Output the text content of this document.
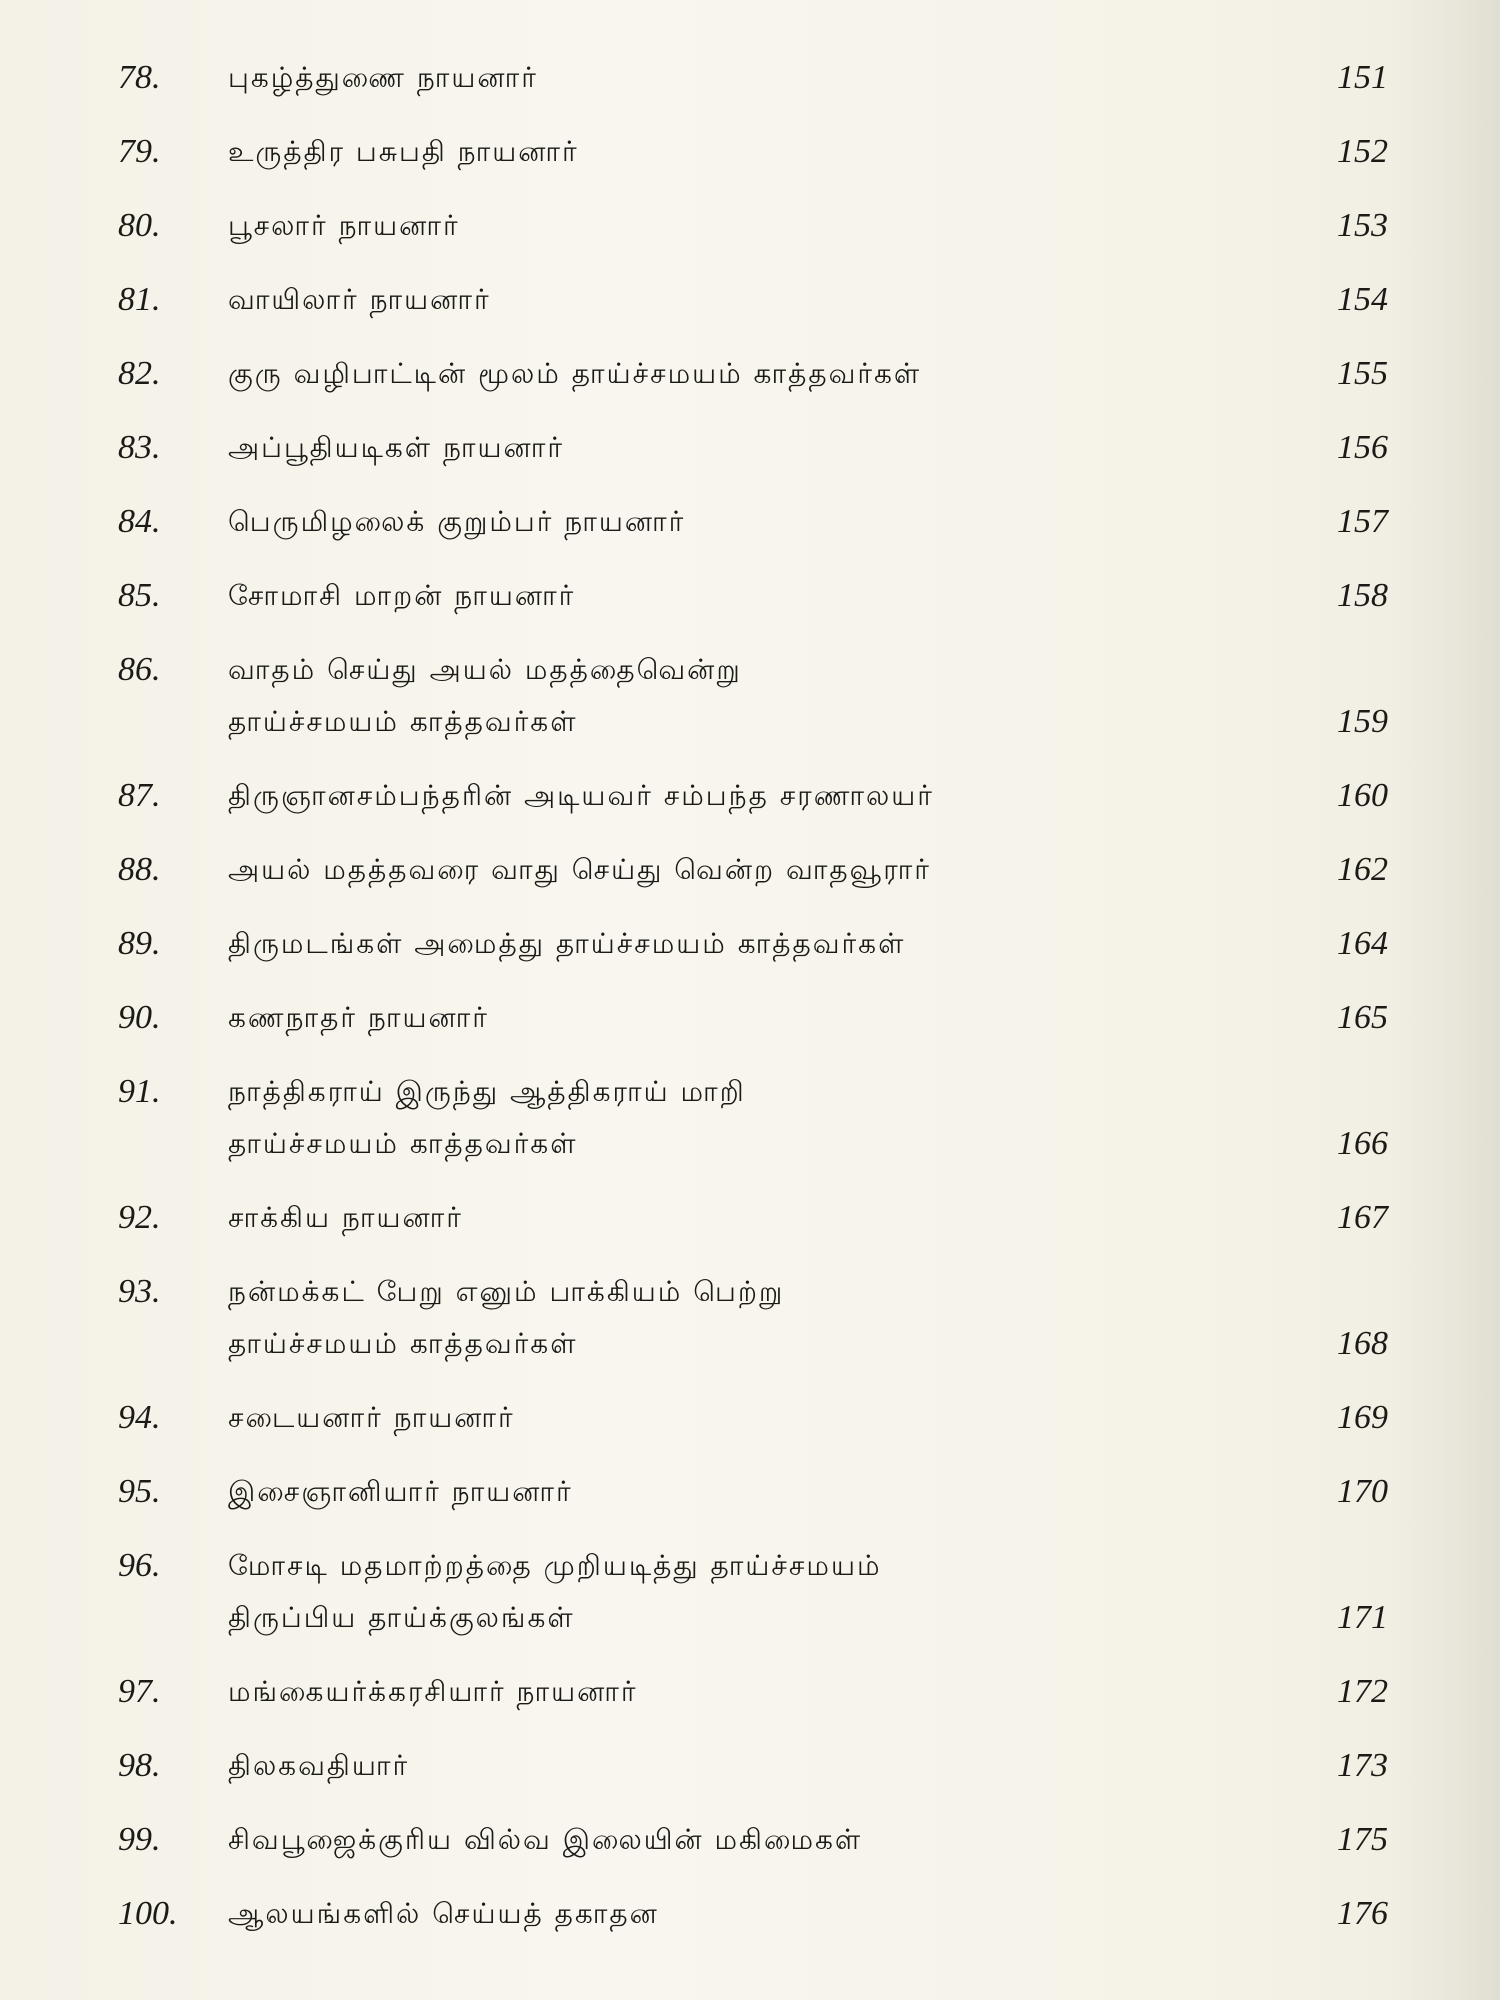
78.	புகழ்த்துணை நாயனார்	151
79.	உருத்திர பசுபதி நாயனார்	152
80.	பூசலார் நாயனார்	153
81.	வாயிலார் நாயனார்	154
82.	குரு வழிபாட்டின் மூலம் தாய்ச்சமயம் காத்தவர்கள்	155
83.	அப்பூதியடிகள் நாயனார்	156
84.	பெருமிழலைக் குறும்பர் நாயனார்	157
85.	சோமாசி மாறன் நாயனார்	158
86.	வாதம் செய்து அயல் மதத்தைவென்று
தாய்ச்சமயம் காத்தவர்கள்	159
87.	திருஞானசம்பந்தரின் அடியவர் சம்பந்த சரணாலயர்	160
88.	அயல் மதத்தவரை வாது செய்து வென்ற வாதவூரார்	162
89.	திருமடங்கள் அமைத்து தாய்ச்சமயம் காத்தவர்கள்	164
90.	கணநாதர் நாயனார்	165
91.	நாத்திகராய் இருந்து ஆத்திகராய் மாறி
தாய்ச்சமயம் காத்தவர்கள்	166
92.	சாக்கிய நாயனார்	167
93.	நன்மக்கட் பேறு எனும் பாக்கியம் பெற்று
தாய்ச்சமயம் காத்தவர்கள்	168
94.	சடையனார் நாயனார்	169
95.	இசைஞானியார் நாயனார்	170
96.	மோசடி மதமாற்றத்தை முறியடித்து தாய்ச்சமயம்
திருப்பிய தாய்க்குலங்கள்	171
97.	மங்கையர்க்கரசியார் நாயனார்	172
98.	திலகவதியார்	173
99.	சிவபூஜைக்குரிய வில்வ இலையின் மகிமைகள்	175
100.	ஆலயங்களில் செய்யத் தகாதன	176
